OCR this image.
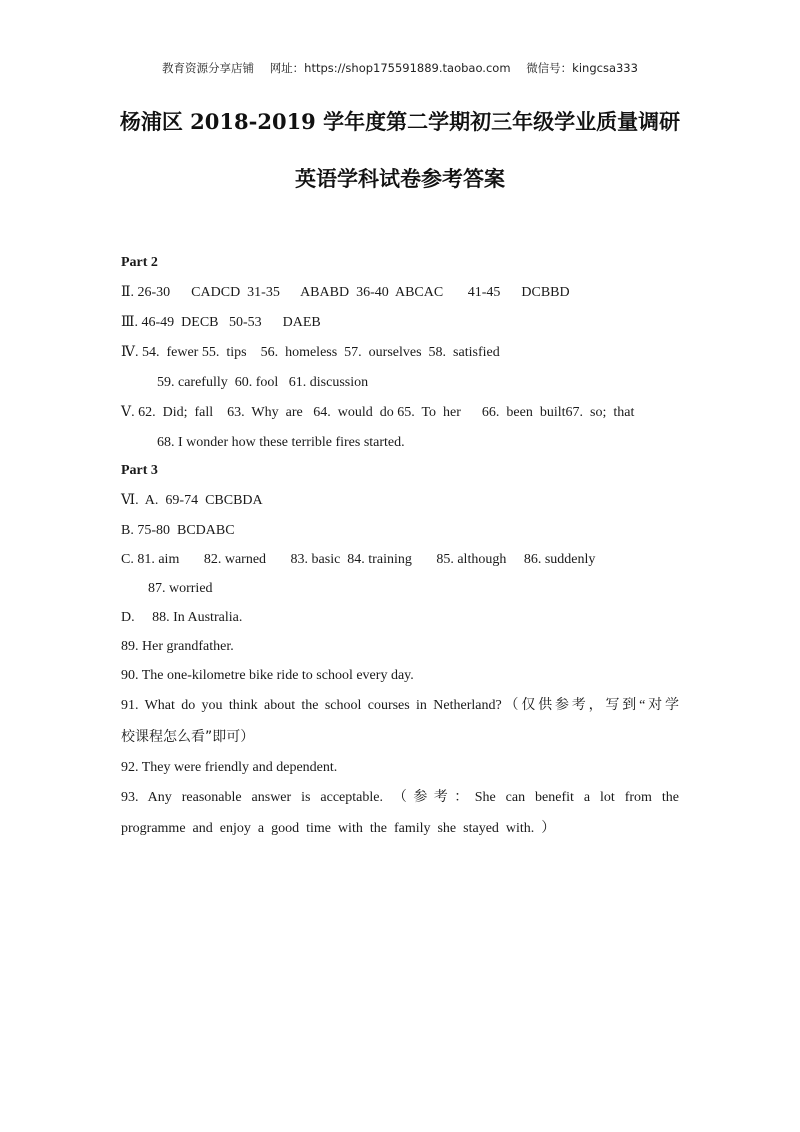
教育资源分享店铺 网址：https://shop175591889.taobao.com 微信号：kingcsa333
杨浦区 2018-2019 学年度第二学期初三年级学业质量调研
英语学科试卷参考答案
Part 2
Ⅱ. 26-30      CADCD  31-35      ABABD  36-40  ABCAC       41-45      DCBBD
Ⅲ. 46-49  DECB   50-53      DAEB
Ⅳ. 54.  fewer 55.  tips    56.  homeless  57.  ourselves  58.  satisfied
59. carefully  60. fool   61. discussion
Ⅴ. 62.  Did;  fall    63.  Why  are   64.  would  do 65.  To  her      66.  been  built67.  so;  that
68. I wonder how these terrible fires started.
Part 3
Ⅵ.  A.  69-74  CBCBDA
B. 75-80  BCDABC
C. 81. aim       82. warned       83. basic  84. training       85. although     86. suddenly
87. worried
D.     88. In Australia.
89. Her grandfather.
90. The one-kilometre bike ride to school every day.
91. What do you think about the school courses in Netherland?（仅供参考，写到“对学
校课程怎么看”即可）
92. They were friendly and dependent.
93. Any reasonable answer is acceptable. （参考：She can benefit a lot from the
programme  and  enjoy  a  good  time  with  the  family  she  stayed  with.  ）
